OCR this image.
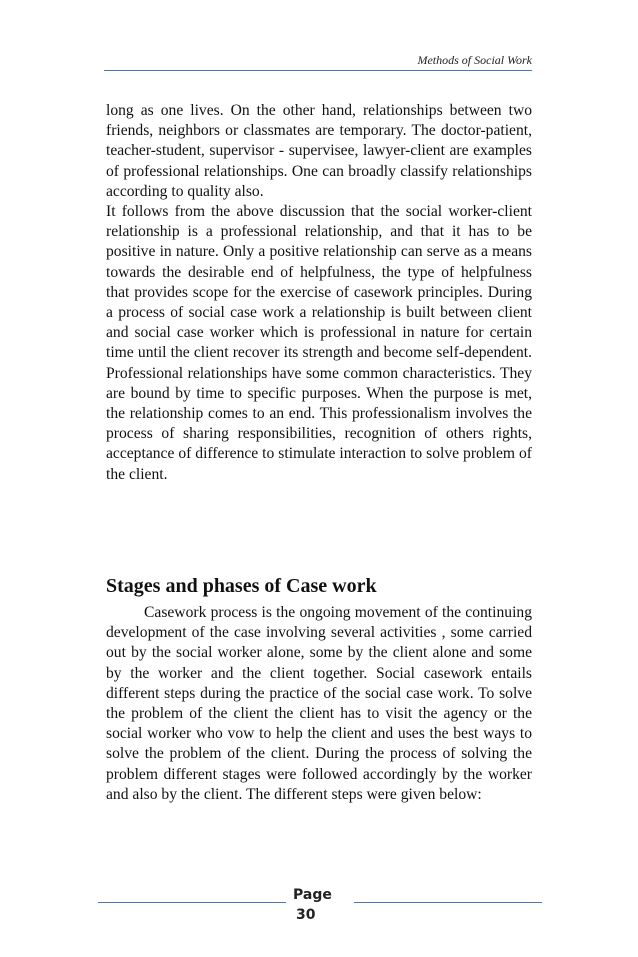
Methods of Social Work

long as one lives. On the other hand, relationships between two friends, neighbors or classmates are temporary. The doctor-patient, teacher-student, supervisor - supervisee, lawyer-client are examples of professional relationships. One can broadly classify relationships according to quality also.

It follows from the above discussion that the social worker-client relationship is a professional relationship, and that it has to be positive in nature. Only a positive relationship can serve as a means towards the desirable end of helpfulness, the type of helpfulness that provides scope for the exercise of casework principles. During a process of social case work a relationship is built between client and social case worker which is professional in nature for certain time until the client recover its strength and become self-dependent. Professional relationships have some common characteristics. They are bound by time to specific purposes. When the purpose is met, the relationship comes to an end. This professionalism involves the process of sharing responsibilities, recognition of others rights, acceptance of difference to stimulate interaction to solve problem of the client.

Stages and phases of Case work

Casework process is the ongoing movement of the continuing development of the case involving several activities , some carried out by the social worker alone, some by the client alone and some by the worker and the client together. Social casework entails different steps during the practice of the social case work. To solve the problem of the client the client has to visit the agency or the social worker who vow to help the client and uses the best ways to solve the problem of the client. During the process of solving the problem different stages were followed accordingly by the worker and also by the client. The different steps were given below:

Page
30
